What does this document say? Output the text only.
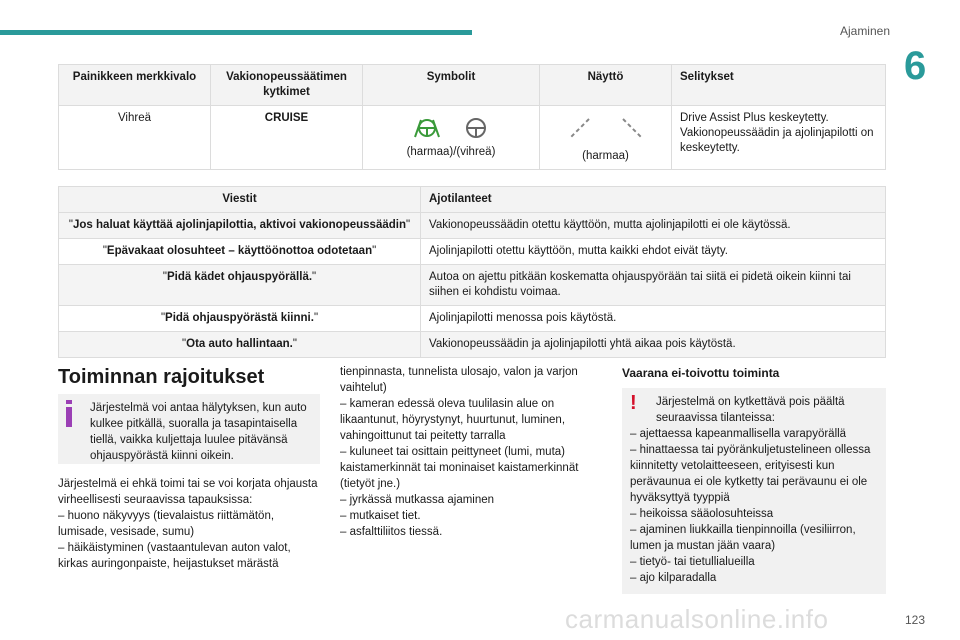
Ajaminen
6
Painikkeen merkkivalo	Vakionopeussäätimen kytkimet	Symbolit	Näyttö	Selitykset
Vihreä	CRUISE	(harmaa)/(vihreä)	(harmaa)	Drive Assist Plus keskeytetty. Vakionopeussäädin ja ajolinjapilotti on keskeytetty.
Viestit	Ajotilanteet
"Jos haluat käyttää ajolinjapilottia, aktivoi vakionopeussäädin"	Vakionopeussäädin otettu käyttöön, mutta ajolinjapilotti ei ole käytössä.
"Epävakaat olosuhteet – käyttöönottoa odotetaan"	Ajolinjapilotti otettu käyttöön, mutta kaikki ehdot eivät täyty.
"Pidä kädet ohjauspyörällä."	Autoa on ajettu pitkään koskematta ohjauspyörään tai siitä ei pidetä oikein kiinni tai siihen ei kohdistu voimaa.
"Pidä ohjauspyörästä kiinni."	Ajolinjapilotti menossa pois käytöstä.
"Ota auto hallintaan."	Vakionopeussäädin ja ajolinjapilotti yhtä aikaa pois käytöstä.
Toiminnan rajoitukset

Järjestelmä voi antaa hälytyksen, kun auto kulkee pitkällä, suoralla ja tasapintaisella tiellä, vaikka kuljettaja luulee pitävänsä ohjauspyörästä kiinni oikein.

Järjestelmä ei ehkä toimi tai se voi korjata ohjausta virheellisesti seuraavissa tapauksissa:

– huono näkyvyys (tievalaistus riittämätön, lumisade, vesisade, sumu)

– häikäistyminen (vastaantulevan auton valot, kirkas auringonpaiste, heijastukset märästä

tienpinnasta, tunnelista ulosajo, valon ja varjon vaihtelut)

– kameran edessä oleva tuulilasin alue on likaantunut, höyrystynyt, huurtunut, luminen, vahingoittunut tai peitetty tarralla

– kuluneet tai osittain peittyneet (lumi, muta) kaistamerkinnät tai moninaiset kaistamerkinnät (tietyöt jne.)

– jyrkässä mutkassa ajaminen

– mutkaiset tiet.

– asfalttiliitos tiessä.

Vaarana ei-toivottu toiminta
!	Järjestelmä on kytkettävä pois päältä seuraavissa tilanteissa:

– ajettaessa kapeanmallisella varapyörällä

– hinattaessa tai pyöränkuljetustelineen ollessa kiinnitetty vetolaitteeseen, erityisesti kun perävaunua ei ole kytketty tai perävaunu ei ole hyväksyttyä tyyppiä

– heikoissa sääolosuhteissa

– ajaminen liukkailla tienpinnoilla (vesiliirron, lumen ja mustan jään vaara)

– tietyö- tai tietullialueilla

– ajo kilparadalla

carmanualsonline.info	123
